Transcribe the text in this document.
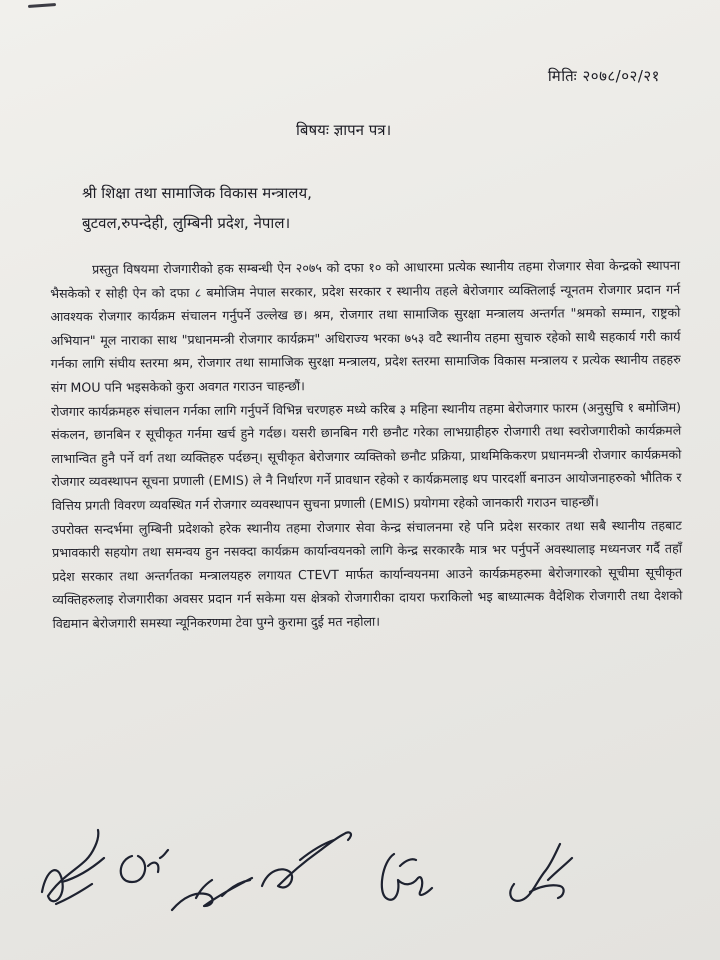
मितिः २०७८/०२/२१
बिषयः ज्ञापन पत्र।
श्री शिक्षा तथा सामाजिक विकास मन्त्रालय,
बुटवल,रुपन्देही, लुम्बिनी प्रदेश, नेपाल।

प्रस्तुत विषयमा रोजगारीको हक सम्बन्धी ऐन २०७५ को दफा १० को आधारमा प्रत्येक स्थानीय तहमा रोजगार सेवा केन्द्रको स्थापना भैसकेको र सोही ऐन को दफा ८ बमोजिम नेपाल सरकार, प्रदेश सरकार र स्थानीय तहले बेरोजगार व्यक्तिलाई न्यूनतम रोजगार प्रदान गर्न आवश्यक रोजगार कार्यक्रम संचालन गर्नुपर्ने उल्लेख छ। श्रम, रोजगार तथा सामाजिक सुरक्षा मन्त्रालय अन्तर्गत "श्रमको सम्मान, राष्ट्रको अभियान" मूल नाराका साथ "प्रधानमन्त्री रोजगार कार्यक्रम" अधिराज्य भरका ७५३ वटै स्थानीय तहमा सुचारु रहेको साथै सहकार्य गरी कार्य गर्नका लागि संघीय स्तरमा श्रम, रोजगार तथा सामाजिक सुरक्षा मन्त्रालय, प्रदेश स्तरमा सामाजिक विकास मन्त्रालय र प्रत्येक स्थानीय तहहरु संग MOU पनि भइसकेको कुरा अवगत गराउन चाहन्छौं।

रोजगार कार्यक्रमहरु संचालन गर्नका लागि गर्नुपर्ने विभिन्न चरणहरु मध्ये करिब ३ महिना स्थानीय तहमा बेरोजगार फारम (अनुसुचि १ बमोजिम) संकलन, छानबिन र सूचीकृत गर्नमा खर्च हुने गर्दछ। यसरी छानबिन गरी छनौट गरेका लाभग्राहीहरु रोजगारी तथा स्वरोजगारीको कार्यक्रमले लाभान्वित हुनै पर्ने वर्ग तथा व्यक्तिहरु पर्दछन्। सूचीकृत बेरोजगार व्यक्तिको छनौट प्रक्रिया, प्राथमिकिकरण प्रधानमन्त्री रोजगार कार्यक्रमको रोजगार व्यवस्थापन सूचना प्रणाली (EMIS) ले नै निर्धारण गर्ने प्रावधान रहेको र कार्यक्रमलाइ थप पारदर्शी बनाउन आयोजनाहरुको भौतिक र वित्तिय प्रगती विवरण व्यवस्थित गर्न रोजगार व्यवस्थापन सुचना प्रणाली (EMIS) प्रयोगमा रहेको जानकारी गराउन चाहन्छौं।

उपरोक्त सन्दर्भमा लुम्बिनी प्रदेशको हरेक स्थानीय तहमा रोजगार सेवा केन्द्र संचालनमा रहे पनि प्रदेश सरकार तथा सबै स्थानीय तहबाट प्रभावकारी सहयोग तथा समन्वय हुन नसक्दा कार्यक्रम कार्यान्वयनको लागि केन्द्र सरकारकै मात्र भर पर्नुपर्ने अवस्थालाइ मध्यनजर गर्दै तहाँ प्रदेश सरकार तथा अन्तर्गतका मन्त्रालयहरु लगायत CTEVT मार्फत कार्यान्वयनमा आउने कार्यक्रमहरुमा बेरोजगारको सूचीमा सूचीकृत व्यक्तिहरुलाइ रोजगारीका अवसर प्रदान गर्न सकेमा यस क्षेत्रको रोजगारीका दायरा फराकिलो भइ बाध्यात्मक वैदेशिक रोजगारी तथा देशको विद्यमान बेरोजगारी समस्या न्यूनिकरणमा टेवा पुग्ने कुरामा दुई मत नहोला।
